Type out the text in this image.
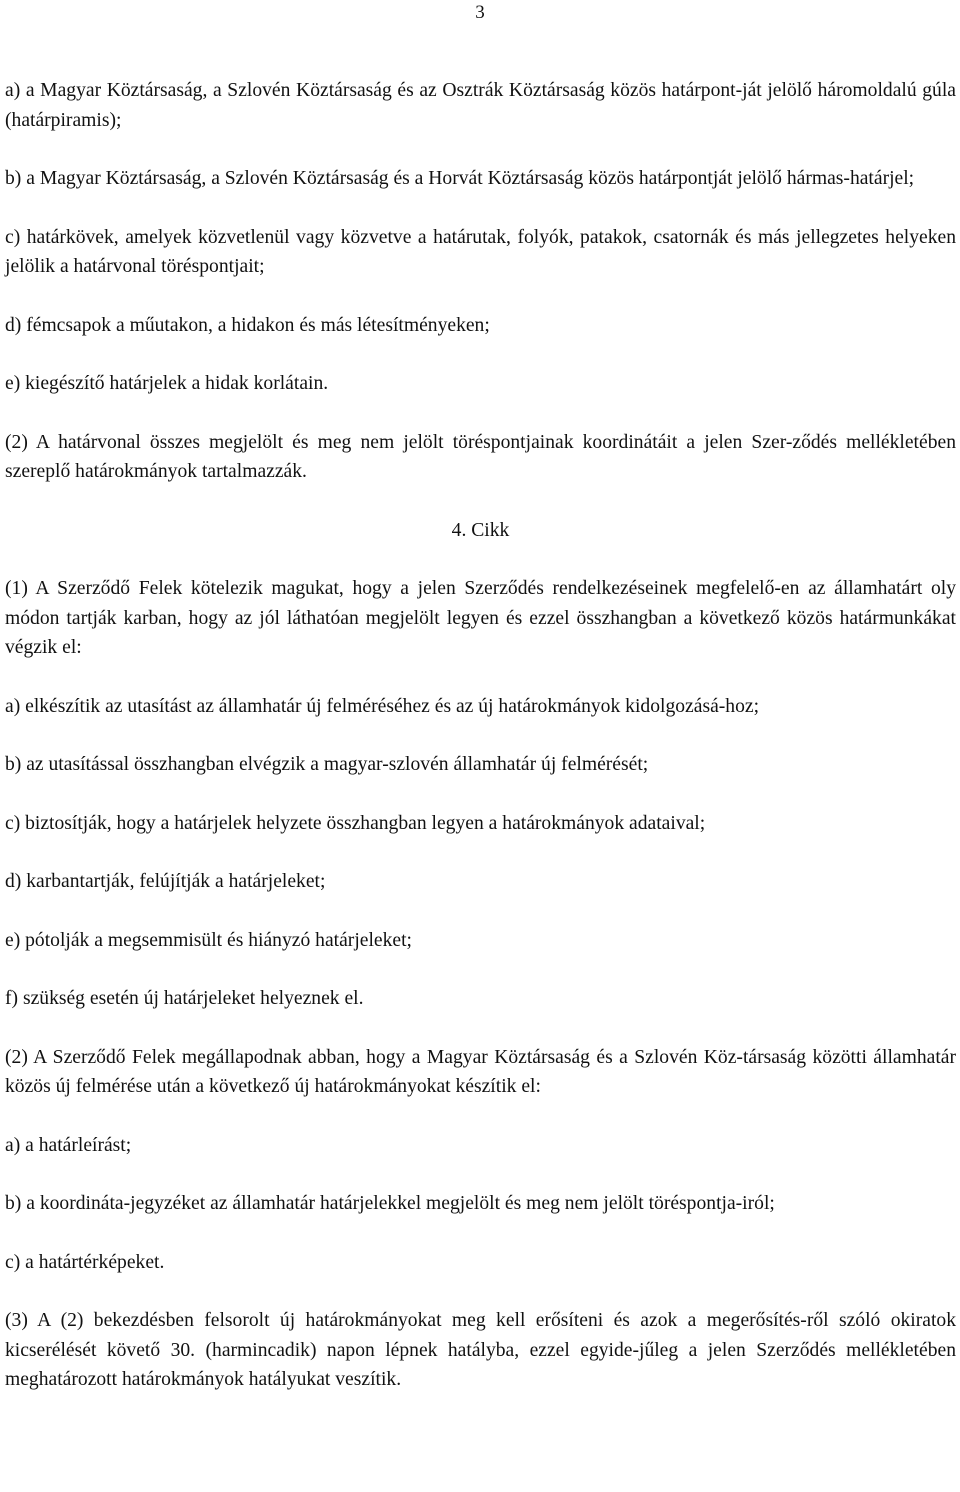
3

a) a Magyar Köztársaság, a Szlovén Köztársaság és az Osztrák Köztársaság közös határpont-ját jelölő háromoldalú gúla (határpiramis);

b) a Magyar Köztársaság, a Szlovén Köztársaság és a Horvát Köztársaság közös határpontját jelölő hármas-határjel;

c) határkövek, amelyek közvetlenül vagy közvetve a határutak, folyók, patakok, csatornák és más jellegzetes helyeken jelölik a határvonal töréspontjait;

d) fémcsapok a műutakon, a hidakon és más létesítményeken;

e) kiegészítő határjelek a hidak korlátain.

(2) A határvonal összes megjelölt és meg nem jelölt töréspontjainak koordinátáit a jelen Szer-ződés mellékletében szereplő határokmányok tartalmazzák.

4. Cikk

(1) A Szerződő Felek kötelezik magukat, hogy a jelen Szerződés rendelkezéseinek megfelelő-en az államhatárt oly módon tartják karban, hogy az jól láthatóan megjelölt legyen és ezzel összhangban a következő közös határmunkákat végzik el:

a) elkészítik az utasítást az államhatár új felméréséhez és az új határokmányok kidolgozásá-hoz;

b) az utasítással összhangban elvégzik a magyar-szlovén államhatár új felmérését;

c) biztosítják, hogy a határjelek helyzete összhangban legyen a határokmányok adataival;

d) karbantartják, felújítják a határjeleket;

e) pótolják a megsemmisült és hiányzó határjeleket;

f) szükség esetén új határjeleket helyeznek el.

(2) A Szerződő Felek megállapodnak abban, hogy a Magyar Köztársaság és a Szlovén Köz-társaság közötti államhatár közös új felmérése után a következő új határokmányokat készítik el:

a) a határleírást;

b) a koordináta-jegyzéket az államhatár határjelekkel megjelölt és meg nem jelölt töréspontja-iról;

c) a határtérképeket.

(3) A (2) bekezdésben felsorolt új határokmányokat meg kell erősíteni és azok a megerősítés-ről szóló okiratok kicserélését követő 30. (harmincadik) napon lépnek hatályba, ezzel egyide-jűleg a jelen Szerződés mellékletében meghatározott határokmányok hatályukat veszítik.
